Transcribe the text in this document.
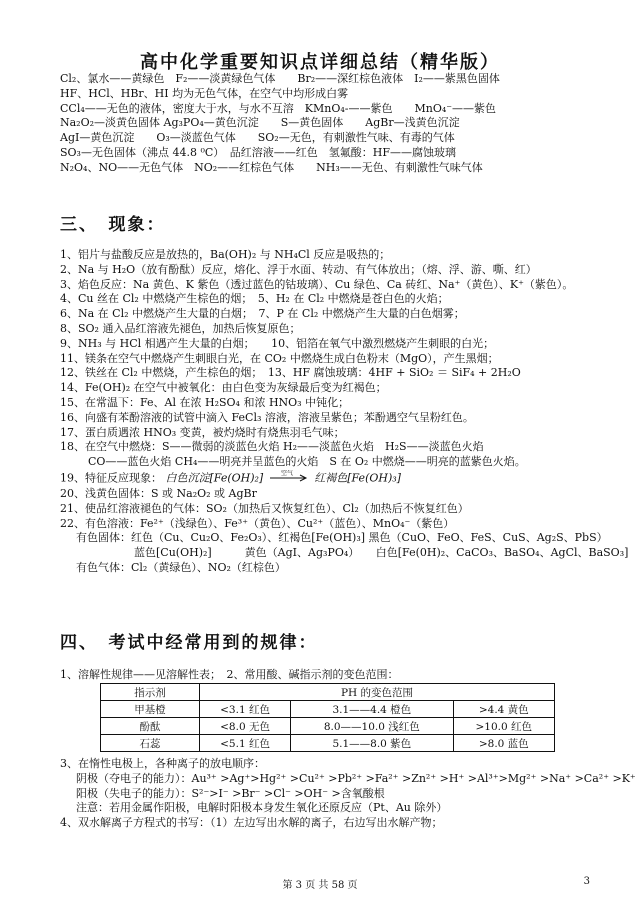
高中化学重要知识点详细总结（精华版）
Cl₂、氯水——黄绿色　F₂——淡黄绿色气体　　Br₂——深红棕色液体　I₂——紫黑色固体
HF、HCl、HBr、HI 均为无色气体，在空气中均形成白雾
CCl₄——无色的液体，密度大于水，与水不互溶　KMnO₄-——紫色　　MnO₄⁻——紫色
Na₂O₂—淡黄色固体 Ag₃PO₄—黄色沉淀　　S—黄色固体　　AgBr—浅黄色沉淀
AgI—黄色沉淀　　O₃—淡蓝色气体　　SO₂—无色，有刺激性气味、有毒的气体
SO₃—无色固体（沸点 44.8 ⁰C）　品红溶液——红色　氢氟酸：HF——腐蚀玻璃
N₂O₄、NO——无色气体　NO₂——红棕色气体　　NH₃——无色、有刺激性气味气体
三、　现象：
1、铝片与盐酸反应是放热的，Ba(OH)₂ 与 NH₄Cl 反应是吸热的；
2、Na 与 H₂O（放有酚酞）反应，熔化、浮于水面、转动、有气体放出；（熔、浮、游、嘶、红）
3、焰色反应：Na 黄色、K 紫色（透过蓝色的钴玻璃）、Cu 绿色、Ca 砖红、Na⁺（黄色）、K⁺（紫色）。
4、Cu 丝在 Cl₂ 中燃烧产生棕色的烟；　5、H₂ 在 Cl₂ 中燃烧是苍白色的火焰；
6、Na 在 Cl₂ 中燃烧产生大量的白烟；　7、P 在 Cl₂ 中燃烧产生大量的白色烟雾；
8、SO₂ 通入品红溶液先褪色，加热后恢复原色；
9、NH₃ 与 HCl 相遇产生大量的白烟；　　10、铝箔在氧气中激烈燃烧产生刺眼的白光；
11、镁条在空气中燃烧产生刺眼白光，在 CO₂ 中燃烧生成白色粉末（MgO），产生黑烟；
12、铁丝在 Cl₂ 中燃烧，产生棕色的烟；　13、HF 腐蚀玻璃：4HF + SiO₂ ＝ SiF₄ + 2H₂O
14、Fe(OH)₂ 在空气中被氧化：由白色变为灰绿最后变为红褐色；
15、在常温下：Fe、Al 在浓 H₂SO₄ 和浓 HNO₃ 中钝化；
16、向盛有苯酚溶液的试管中滴入 FeCl₃ 溶液，溶液呈紫色；苯酚遇空气呈粉红色。
17、蛋白质遇浓 HNO₃ 变黄，被灼烧时有烧焦羽毛气味；
18、在空气中燃烧：S——微弱的淡蓝色火焰 H₂——淡蓝色火焰　H₂S——淡蓝色火焰
CO——蓝色火焰 CH₄——明亮并呈蓝色的火焰　S 在 O₂ 中燃烧——明亮的蓝紫色火焰。
19、特征反应现象： 白色沉淀[Fe(OH)₂]	空气 红褐色[Fe(OH)₃]
20、浅黄色固体：S 或 Na₂O₂ 或 AgBr
21、使品红溶液褪色的气体：SO₂（加热后又恢复红色）、Cl₂（加热后不恢复红色）
22、有色溶液：Fe²⁺（浅绿色）、Fe³⁺（黄色）、Cu²⁺（蓝色）、MnO₄⁻（紫色）
有色固体：红色（Cu、Cu₂O、Fe₂O₃）、红褐色[Fe(OH)₃] 黑色（CuO、FeO、FeS、CuS、Ag₂S、PbS）
蓝色[Cu(OH)₂]　　　黄色（AgI、Ag₃PO₄）　　白色[Fe(0H)₂、CaCO₃、BaSO₄、AgCl、BaSO₃]
有色气体：Cl₂（黄绿色）、NO₂（红棕色）
四、　考试中经常用到的规律：
1、溶解性规律——见溶解性表；　2、常用酸、碱指示剂的变色范围：
指示剂	PH 的变色范围		
甲基橙	<3.1 红色	3.1——4.4 橙色	>4.4 黄色
酚酞	<8.0 无色	8.0——10.0 浅红色	>10.0 红色
石蕊	<5.1 红色	5.1——8.0 紫色	>8.0 蓝色
3、在惰性电极上，各种离子的放电顺序：
阴极（夺电子的能力）：Au³⁺ >Ag⁺>Hg²⁺ >Cu²⁺ >Pb²⁺ >Fa²⁺ >Zn²⁺ >H⁺ >Al³⁺>Mg²⁺ >Na⁺ >Ca²⁺ >K⁺
阳极（失电子的能力）：S²⁻>I⁻ >Br⁻ >Cl⁻ >OH⁻ >含氧酸根
注意：若用金属作阳极，电解时阳极本身发生氧化还原反应（Pt、Au 除外）
4、双水解离子方程式的书写：（1）左边写出水解的离子，右边写出水解产物；
第 3 页 共 58 页	3
